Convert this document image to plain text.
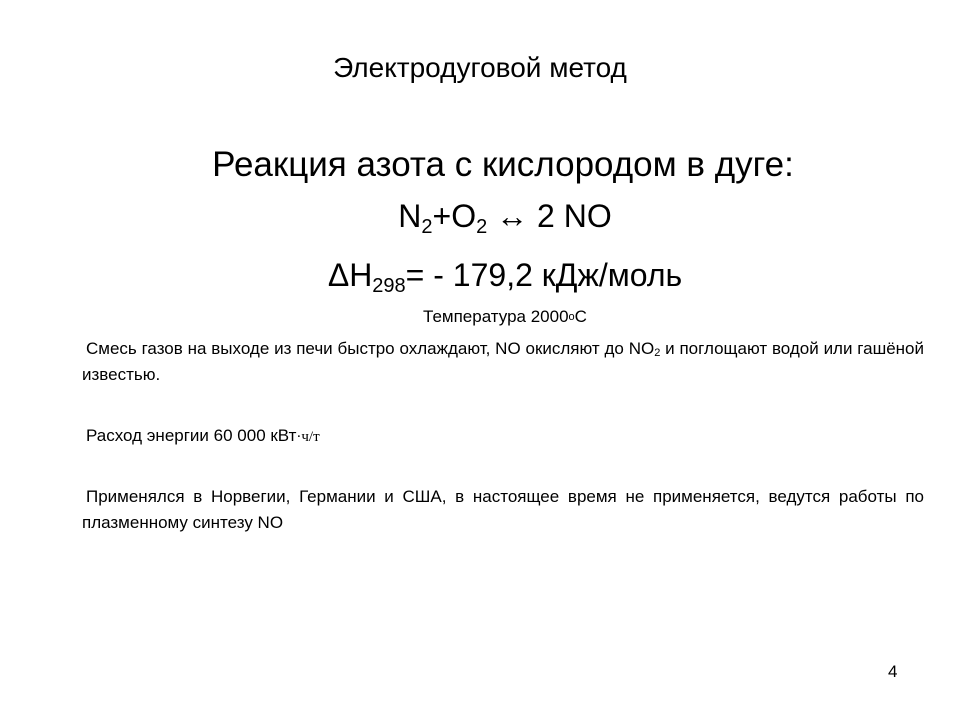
Электродуговой метод
Реакция азота с кислородом в дуге:
$N_2+O_2$ ↔ 2 NO
$\Delta H_{298}= - 179,2$ кДж/моль
Температура $2000^оС$
Смесь газов на выходе из печи быстро охлаждают, NO окисляют до $NO_2$ и поглощают водой или гашёной известью.
Расход энергии 60 000 кВт·ч/т
Применялся в Норвегии, Германии и США, в настоящее время не применяется, ведутся работы по плазменному синтезу NO
4
